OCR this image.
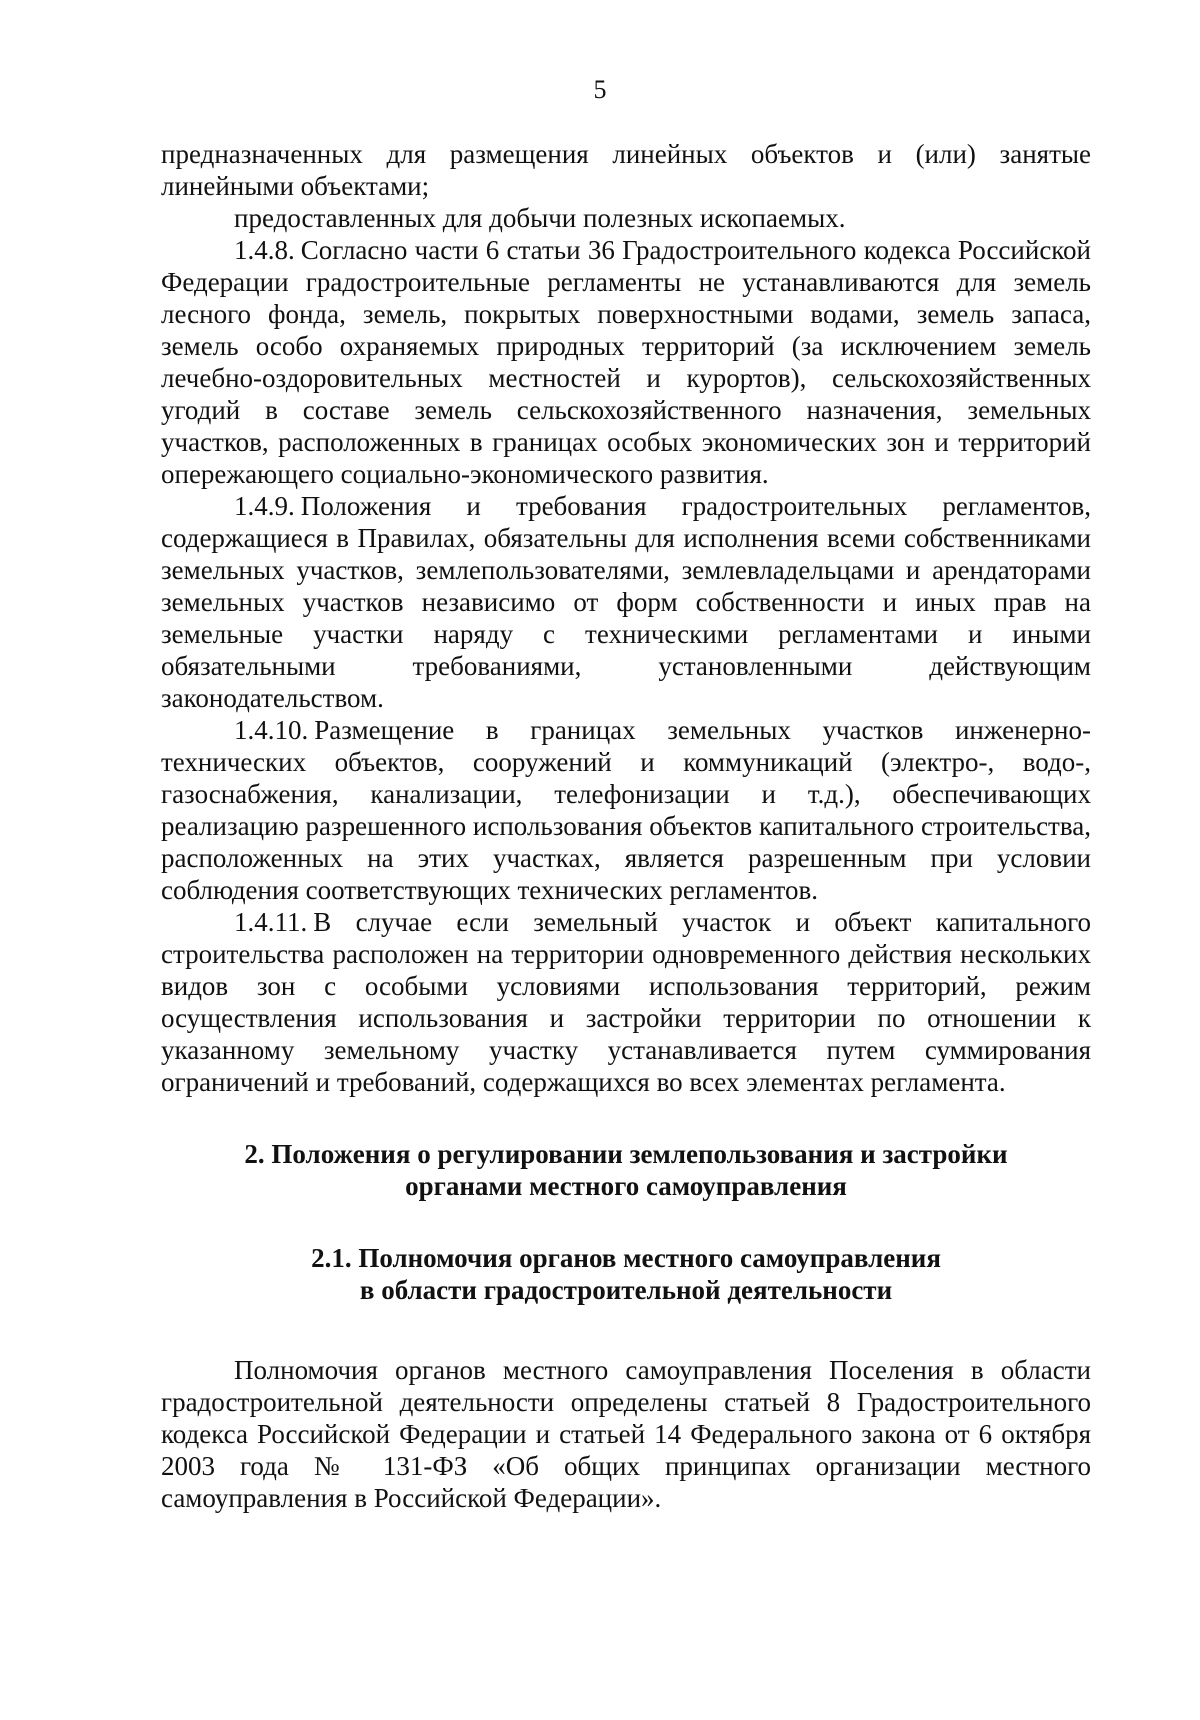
5

предназначенных для размещения линейных объектов и (или) занятые линейными объектами;

предоставленных для добычи полезных ископаемых.

1.4.8. Согласно части 6 статьи 36 Градостроительного кодекса Российской Федерации градостроительные регламенты не устанавливаются для земель лесного фонда, земель, покрытых поверхностными водами, земель запаса, земель особо охраняемых природных территорий (за исключением земель лечебно-оздоровительных местностей и курортов), сельскохозяйственных угодий в составе земель сельскохозяйственного назначения, земельных участков, расположенных в границах особых экономических зон и территорий опережающего социально-экономического развития.

1.4.9. Положения и требования градостроительных регламентов, содержащиеся в Правилах, обязательны для исполнения всеми собственниками земельных участков, землепользователями, землевладельцами и арендаторами земельных участков независимо от форм собственности и иных прав на земельные участки наряду с техническими регламентами и иными обязательными требованиями, установленными действующим законодательством.

1.4.10. Размещение в границах земельных участков инженерно-технических объектов, сооружений и коммуникаций (электро-, водо-, газоснабжения, канализации, телефонизации и т.д.), обеспечивающих реализацию разрешенного использования объектов капитального строительства, расположенных на этих участках, является разрешенным при условии соблюдения соответствующих технических регламентов.

1.4.11. В случае если земельный участок и объект капитального строительства расположен на территории одновременного действия нескольких видов зон с особыми условиями использования территорий, режим осуществления использования и застройки территории по отношении к указанному земельному участку устанавливается путем суммирования ограничений и требований, содержащихся во всех элементах регламента.

2. Положения о регулировании землепользования и застройки
органами местного самоуправления
2.1. Полномочия органов местного самоуправления
в области градостроительной деятельности

Полномочия органов местного самоуправления Поселения в области градостроительной деятельности определены статьей 8 Градостроительного кодекса Российской Федерации и статьей 14 Федерального закона от 6 октября 2003 года № 131-ФЗ «Об общих принципах организации местного самоуправления в Российской Федерации».
